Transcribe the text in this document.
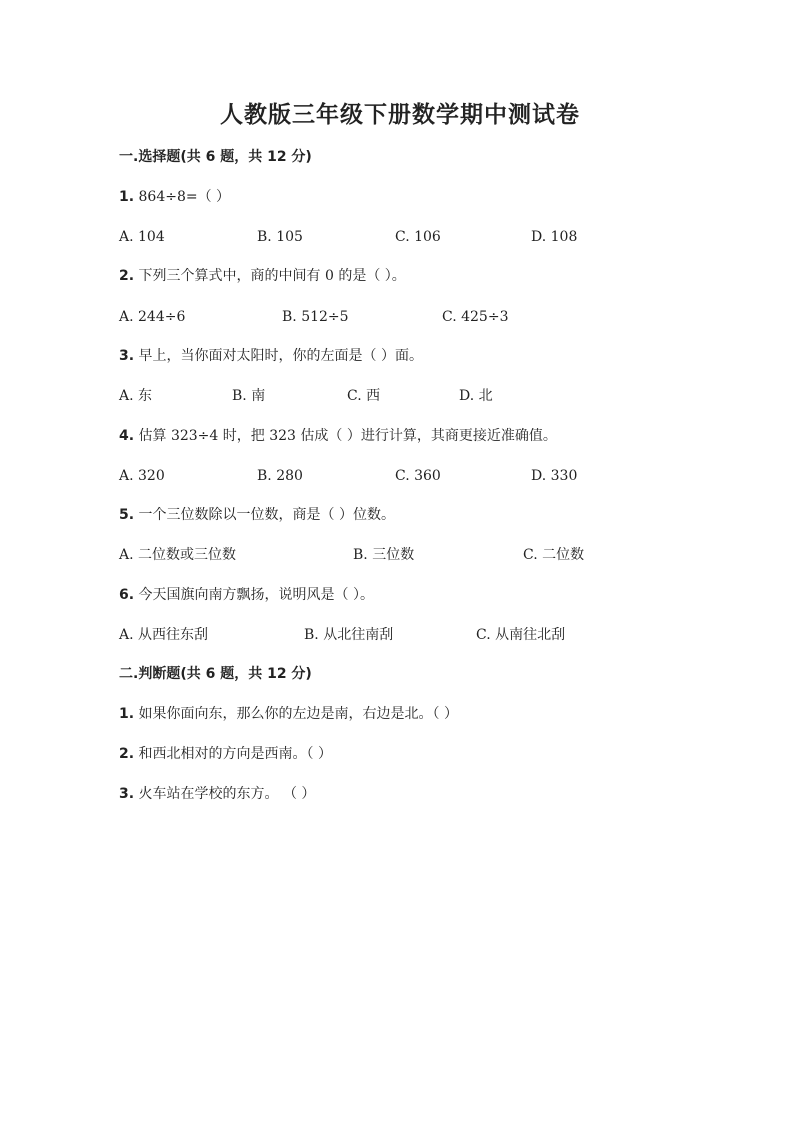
人教版三年级下册数学期中测试卷
一.选择题(共 6 题，共 12 分)
1. 864÷8=（ ）
A. 104	B. 105	C. 106	D. 108
2. 下列三个算式中，商的中间有 0 的是（ ）。
A. 244÷6	B. 512÷5	C. 425÷3
3. 早上，当你面对太阳时，你的左面是（ ）面。
A. 东	B. 南	C. 西	D. 北
4. 估算 323÷4 时，把 323 估成（ ）进行计算，其商更接近准确值。
A. 320	B. 280	C. 360	D. 330
5. 一个三位数除以一位数，商是（ ）位数。
A. 二位数或三位数	B. 三位数	C. 二位数
6. 今天国旗向南方飘扬，说明风是（ ）。
A. 从西往东刮	B. 从北往南刮	C. 从南往北刮
二.判断题(共 6 题，共 12 分)
1. 如果你面向东，那么你的左边是南，右边是北。（ ）
2. 和西北相对的方向是西南。（ ）
3. 火车站在学校的东方。 （ ）
